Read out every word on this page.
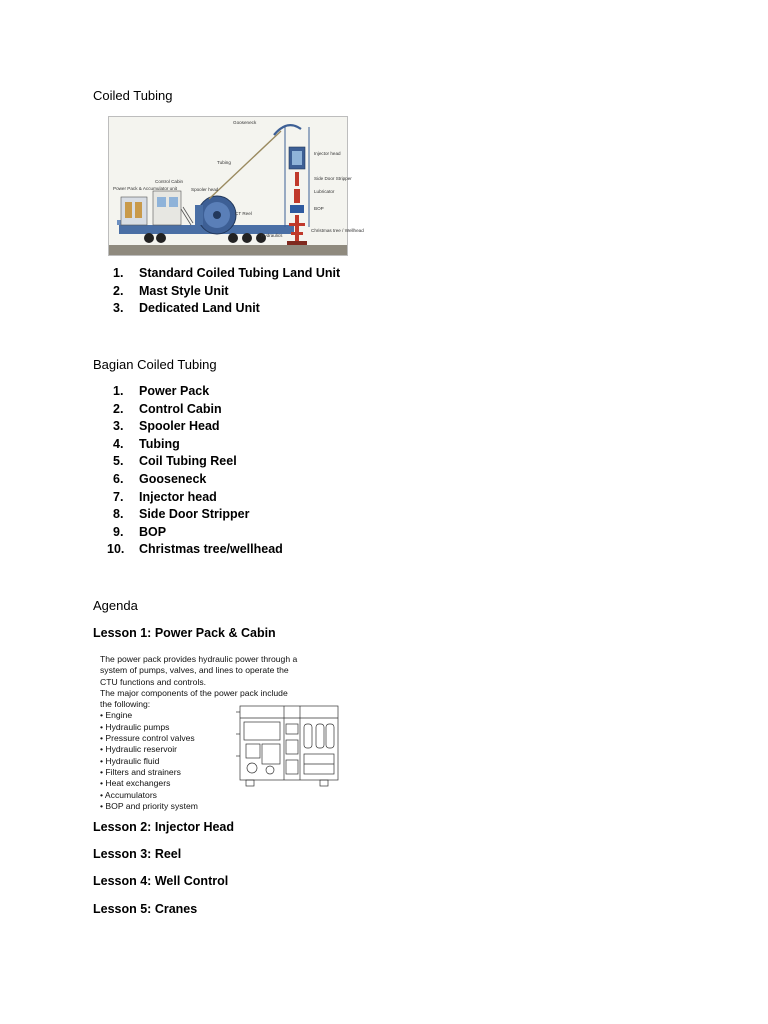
Coiled Tubing
Gooseneck
Injector head
Tubing
Control Cabin
Power Pack & Accumulator unit	Spooler head
CT Reel
Side Door Stripper
Lubricator
BOP
Christmas tree / Wellhead
Hydraulics
1. Standard Coiled Tubing Land Unit
2. Mast Style Unit
3. Dedicated Land Unit
Bagian Coiled Tubing
1. Power Pack
2. Control Cabin
3. Spooler Head
4. Tubing
5. Coil Tubing Reel
6. Gooseneck
7. Injector head
8. Side Door Stripper
9. BOP
10. Christmas tree/wellhead
Agenda
Lesson 1: Power Pack & Cabin

The power pack provides hydraulic power through a system of pumps, valves, and lines to operate the CTU functions and controls.

The major components of the power pack include the following:

• Engine
• Hydraulic pumps
• Pressure control valves
• Hydraulic reservoir
• Hydraulic fluid
• Filters and strainers
• Heat exchangers
• Accumulators
• BOP and priority system
Lesson 2: Injector Head
Lesson 3: Reel
Lesson 4: Well Control
Lesson 5: Cranes
